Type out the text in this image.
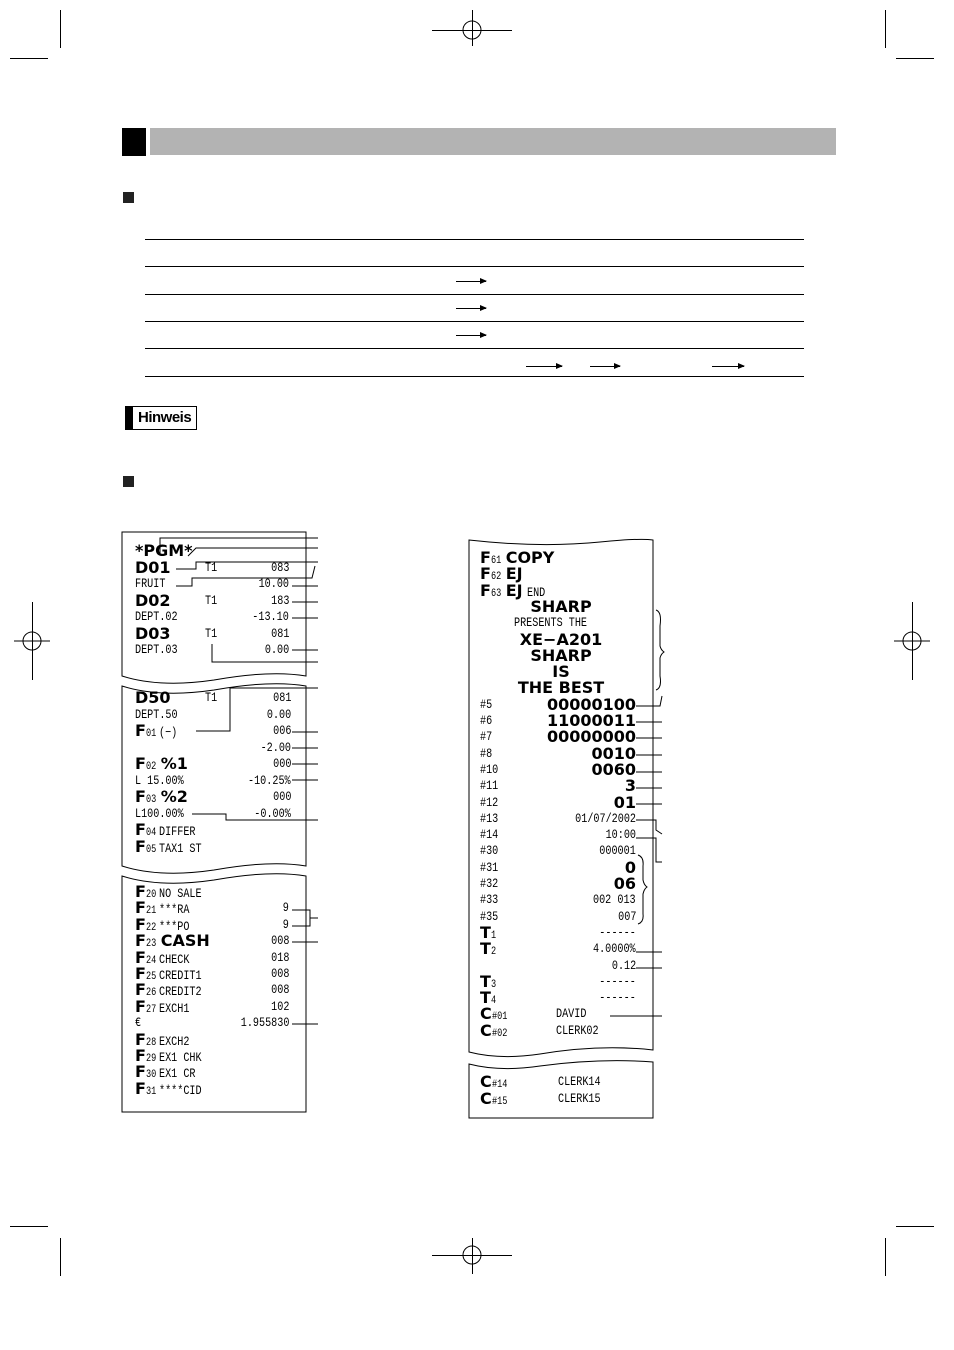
Hinweis
*PGM*
D01	T1	083
FRUIT	10.00
D02	T1	183
DEPT.02	-13.10
D03	T1	081
DEPT.03	0.00
D50	T1	081
DEPT.50	0.00
F01 (−)	006
-2.00
F02 %1	000
L 15.00%	-10.25%
F03 %2	000
L100.00%	-0.00%
F04 DIFFER
F05 TAX1 ST
F20 NO SALE
F21 ***RA	9
F22 ***PO	9
F23 CASH	008
F24 CHECK	018
F25 CREDIT1	008
F26 CREDIT2	008
F27 EXCH1	102
€	1.955830
F28 EXCH2
F29 EX1 CHK
F30 EX1 CR
F31 ****CID
F61 COPY
F62 EJ
F63 EJ END
SHARP
PRESENTS THE
XE−A201
SHARP
IS
THE BEST
#5	00000100
#6	11000011
#7	00000000
#8	0010
#10	0060
#11	3
#12	01
#13	01/07/2002
#14	10:00
#30	000001
#31	0
#32	06
#33	002 013
#35	007
T1	------
T2	4.0000%
0.12
T3	------
T4	------
C#01	DAVID
C#02	CLERK02
C#14	CLERK14
C#15	CLERK15
